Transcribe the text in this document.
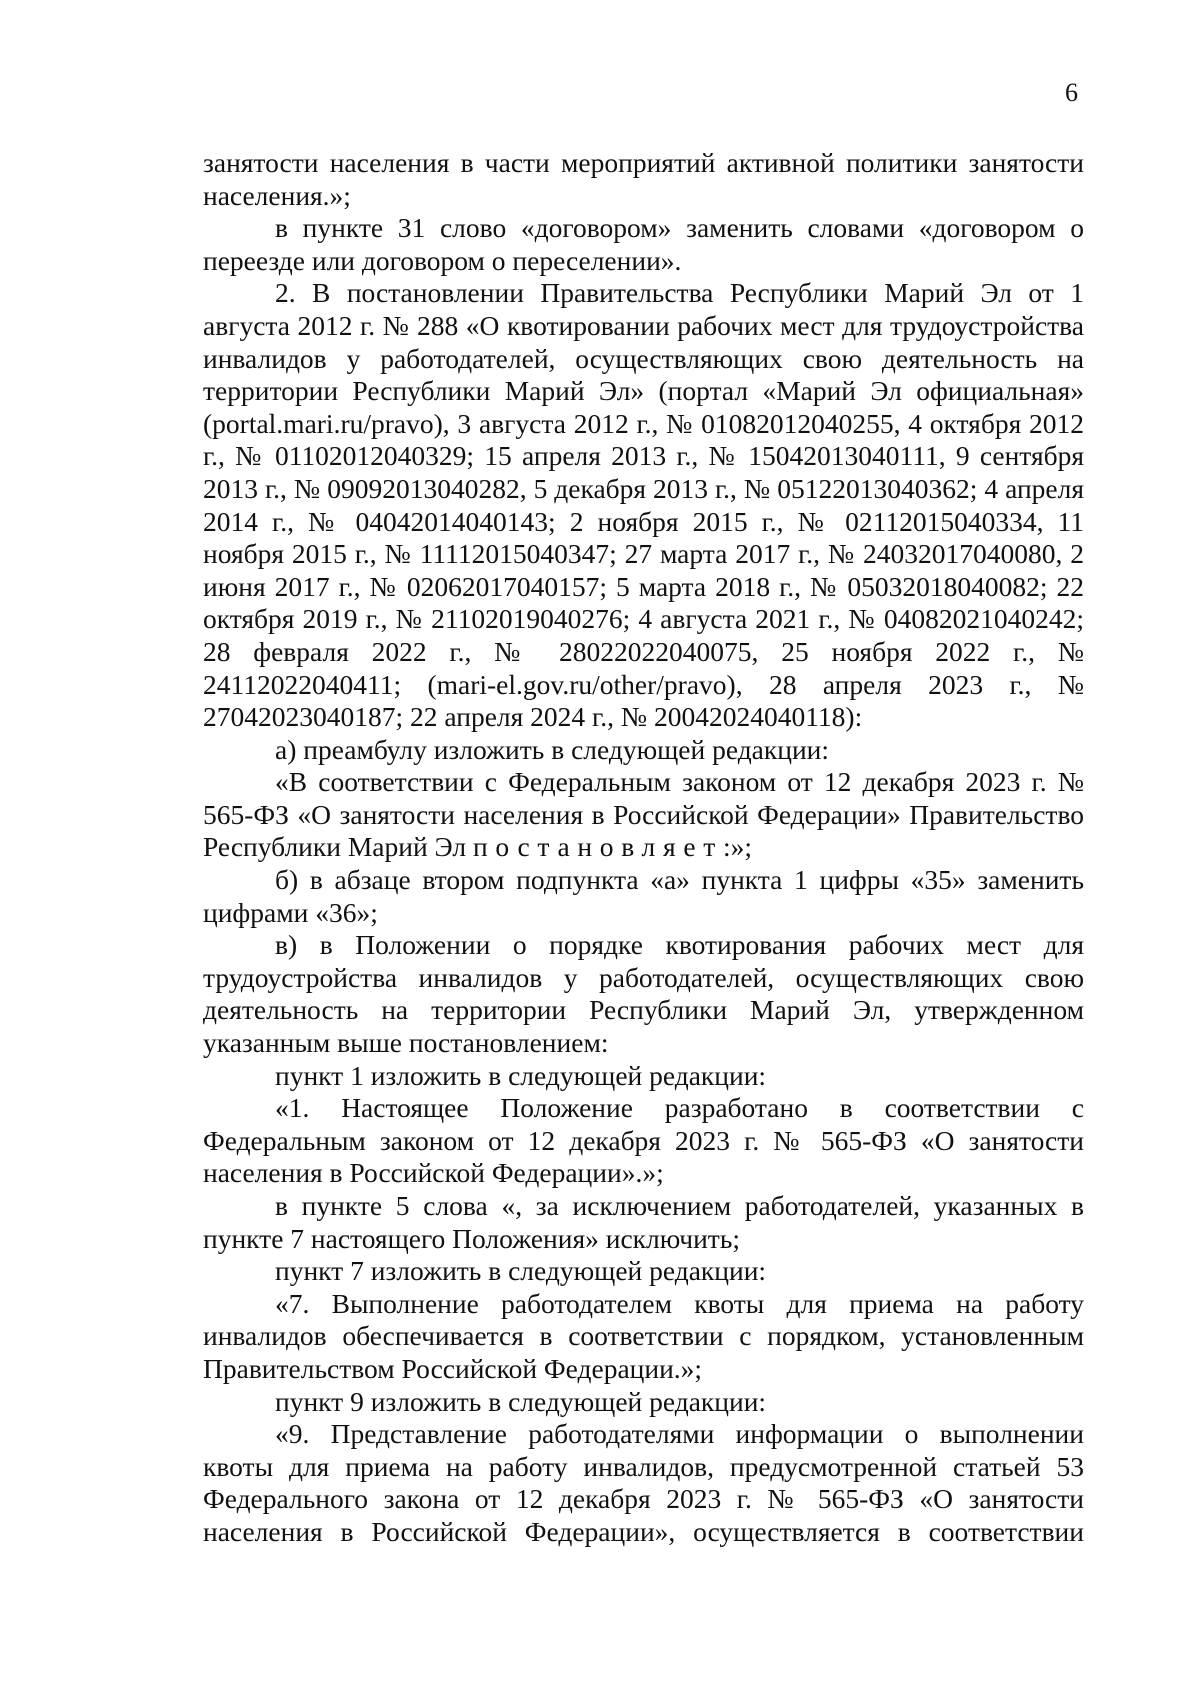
6

занятости населения в части мероприятий активной политики занятости населения.»;

в пункте 31 слово «договором» заменить словами «договором о переезде или договором о переселении».

2. В постановлении Правительства Республики Марий Эл от 1 августа 2012 г. № 288 «О квотировании рабочих мест для трудоустройства инвалидов у работодателей, осуществляющих свою деятельность на территории Республики Марий Эл» (портал «Марий Эл официальная» (portal.mari.ru/pravo), 3 августа 2012 г., № 01082012040255, 4 октября 2012 г., № 01102012040329; 15 апреля 2013 г., № 15042013040111, 9 сентября 2013 г., № 09092013040282, 5 декабря 2013 г., № 05122013040362; 4 апреля 2014 г., № 04042014040143; 2 ноября 2015 г., № 02112015040334, 11 ноября 2015 г., № 11112015040347; 27 марта 2017 г., № 24032017040080, 2 июня 2017 г., № 02062017040157; 5 марта 2018 г., № 05032018040082; 22 октября 2019 г., № 21102019040276; 4 августа 2021 г., № 04082021040242; 28 февраля 2022 г., № 28022022040075, 25 ноября 2022 г., № 24112022040411; (mari-el.gov.ru/other/pravo), 28 апреля 2023 г., № 27042023040187; 22 апреля 2024 г., № 20042024040118):

а) преамбулу изложить в следующей редакции:

«В соответствии с Федеральным законом от 12 декабря 2023 г. № 565-ФЗ «О занятости населения в Российской Федерации» Правительство Республики Марий Эл постановляет:»;

б) в абзаце втором подпункта «а» пункта 1 цифры «35» заменить цифрами «36»;

в) в Положении о порядке квотирования рабочих мест для трудоустройства инвалидов у работодателей, осуществляющих свою деятельность на территории Республики Марий Эл, утвержденном указанным выше постановлением:

пункт 1 изложить в следующей редакции:

«1. Настоящее Положение разработано в соответствии с Федеральным законом от 12 декабря 2023 г. № 565-ФЗ «О занятости населения в Российской Федерации».»;

в пункте 5 слова «, за исключением работодателей, указанных в пункте 7 настоящего Положения» исключить;

пункт 7 изложить в следующей редакции:

«7. Выполнение работодателем квоты для приема на работу инвалидов обеспечивается в соответствии с порядком, установленным Правительством Российской Федерации.»;

пункт 9 изложить в следующей редакции:

«9. Представление работодателями информации о выполнении квоты для приема на работу инвалидов, предусмотренной статьей 53 Федерального закона от 12 декабря 2023 г. № 565-ФЗ «О занятости населения в Российской Федерации», осуществляется в соответствии
